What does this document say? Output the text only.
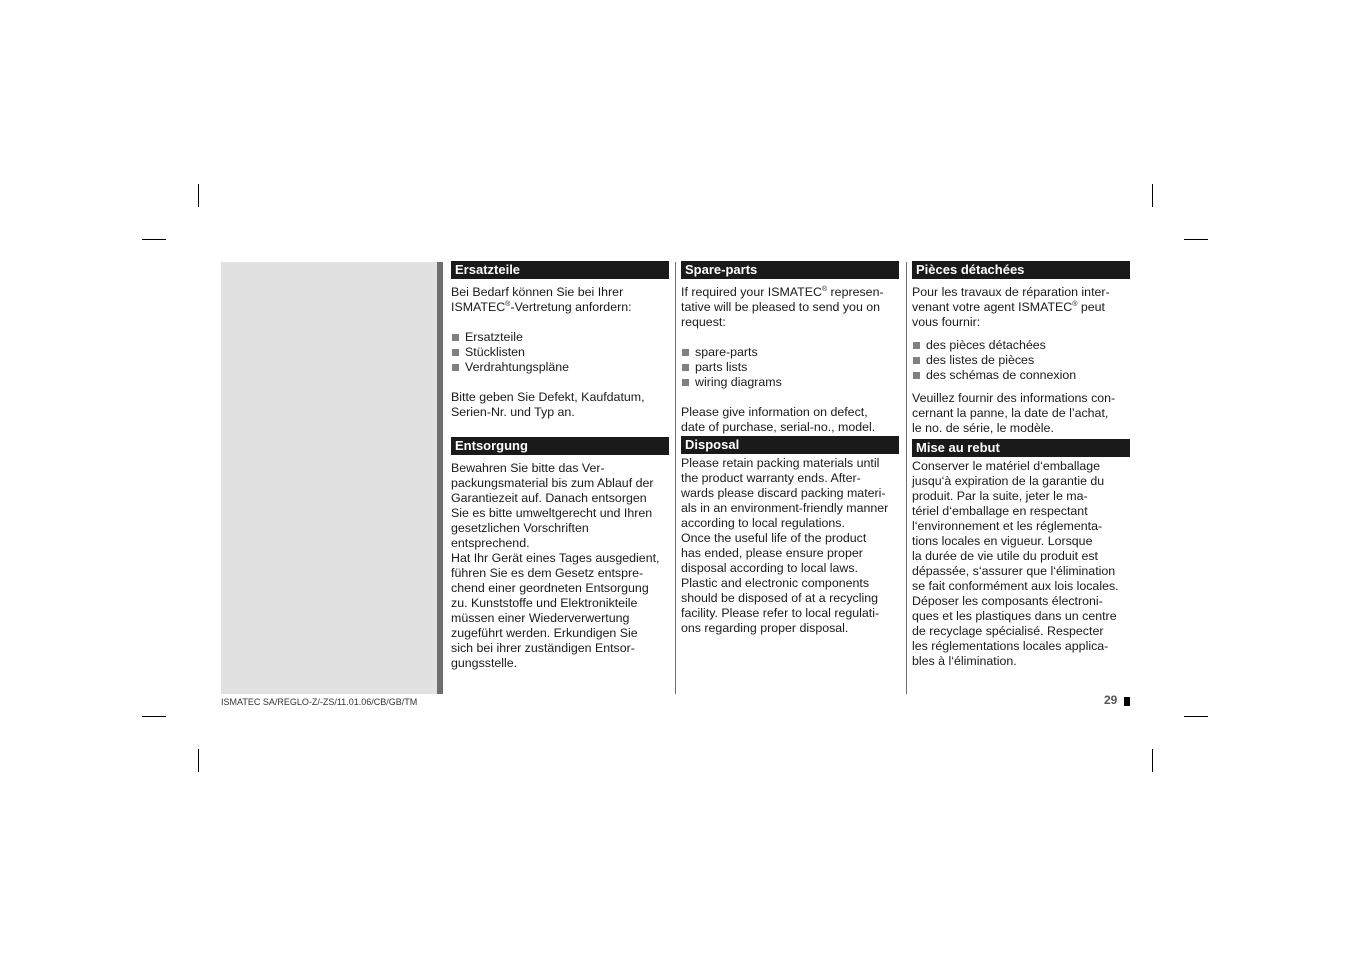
Ersatzteile

Bei Bedarf können Sie bei Ihrer
ISMATEC®-Vertretung anfordern:

Ersatzteile
Stücklisten
Verdrahtungspläne

Bitte geben Sie Defekt, Kaufdatum,
Serien-Nr. und Typ an.

Entsorgung

Bewahren Sie bitte das Ver-
packungsmaterial bis zum Ablauf der
Garantiezeit auf. Danach entsorgen
Sie es bitte umweltgerecht und Ihren
gesetzlichen Vorschriften
entsprechend.
Hat Ihr Gerät eines Tages ausgedient,
führen Sie es dem Gesetz entspre-
chend einer geordneten Entsorgung
zu. Kunststoffe und Elektronikteile
müssen einer Wiederverwertung
zugeführt werden. Erkundigen Sie
sich bei ihrer zuständigen Entsor-
gungsstelle.

Spare-parts

If required your ISMATEC® represen-
tative will be pleased to send you on
request:

spare-parts
parts lists
wiring diagrams

Please give information on defect,
date of purchase, serial-no., model.

Disposal

Please retain packing materials until
the product warranty ends. After-
wards please discard packing materi-
als in an environment-friendly manner
according to local regulations.
Once the useful life of the product
has ended, please ensure proper
disposal according to local laws.
Plastic and electronic components
should be disposed of at a recycling
facility. Please refer to local regulati-
ons regarding proper disposal.

Pièces détachées

Pour les travaux de réparation inter-
venant votre agent ISMATEC® peut
vous fournir:

des pièces détachées
des listes de pièces
des schémas de connexion

Veuillez fournir des informations con-
cernant la panne, la date de l’achat,
le no. de série, le modèle.

Mise au rebut

Conserver le matériel d‘emballage
jusqu‘à expiration de la garantie du
produit. Par la suite, jeter le ma-
tériel d‘emballage en respectant
l‘environnement et les réglementa-
tions locales en vigueur. Lorsque
la durée de vie utile du produit est
dépassée, s‘assurer que l‘élimination
se fait conformément aux lois locales.
Déposer les composants électroni-
ques et les plastiques dans un centre
de recyclage spécialisé. Respecter
les réglementations locales applica-
bles à l‘élimination.

ISMATEC SA/REGLO-Z/-ZS/11.01.06/CB/GB/TM	29
